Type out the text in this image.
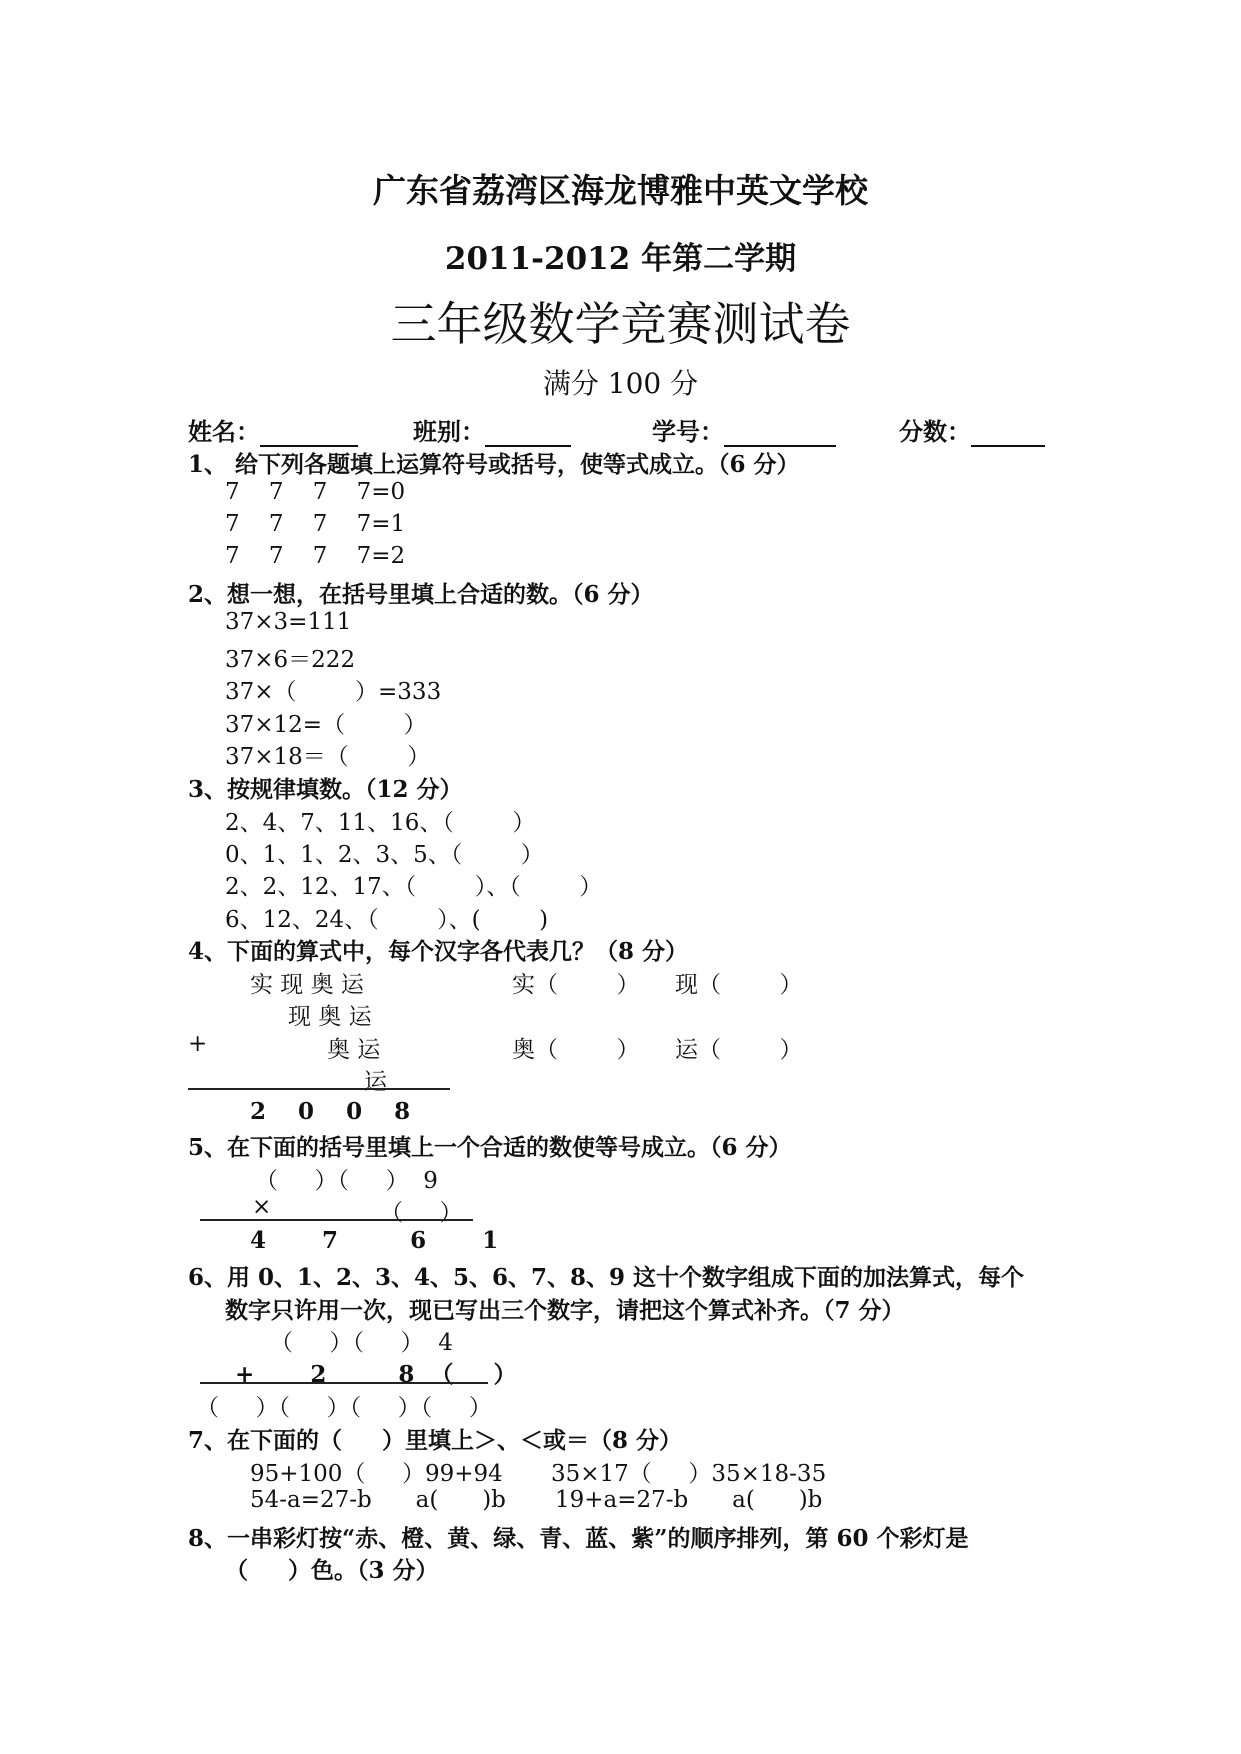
广东省荔湾区海龙博雅中英文学校
2011-2012 年第二学期
三年级数学竞赛测试卷
满分 100 分
姓名：	班别：	学号：	分数：
1、 给下列各题填上运算符号或括号，使等式成立。（6 分）
7    7    7    7=0
7    7    7    7=1
7    7    7    7=2
2、想一想，在括号里填上合适的数。（6 分）
37×3=111
37×6＝222
37×（        ）=333
37×12=（        ）
37×18＝（        ）
3、按规律填数。（12 分）
2、4、7、11、16、（        ）
0、1、1、2、3、5、（        ）
2、2、12、17、（        ）、（        ）
6、12、24、（        ）、(        )
4、下面的算式中，每个汉字各代表几？（8 分）
实 现 奥 运
现 奥 运
+	奥 运
运
2    0    0    8
实（        ） 现（        ）
奥（        ） 运（        ）
5、在下面的括号里填上一个合适的数使等号成立。（6 分）
（     ）（     ）  9
×	（     ）
4       7         6       1
6、用 0、1、2、3、4、5、6、7、8、9 这十个数字组成下面的加法算式，每个
数字只许用一次，现已写出三个数字，请把这个算式补齐。（7 分）
（     ）（     ）  4
+       2         8  （     ）
（     ）（     ）（     ）（     ）
7、在下面的（     ）里填上＞、＜或＝（8 分）
95+100（     ）99+94 35×17（     ）35×18-35
54-a=27-b      a(      )b 19+a=27-b      a(      )b
8、一串彩灯按“赤、橙、黄、绿、青、蓝、紫”的顺序排列，第 60 个彩灯是
（     ）色。（3 分）
